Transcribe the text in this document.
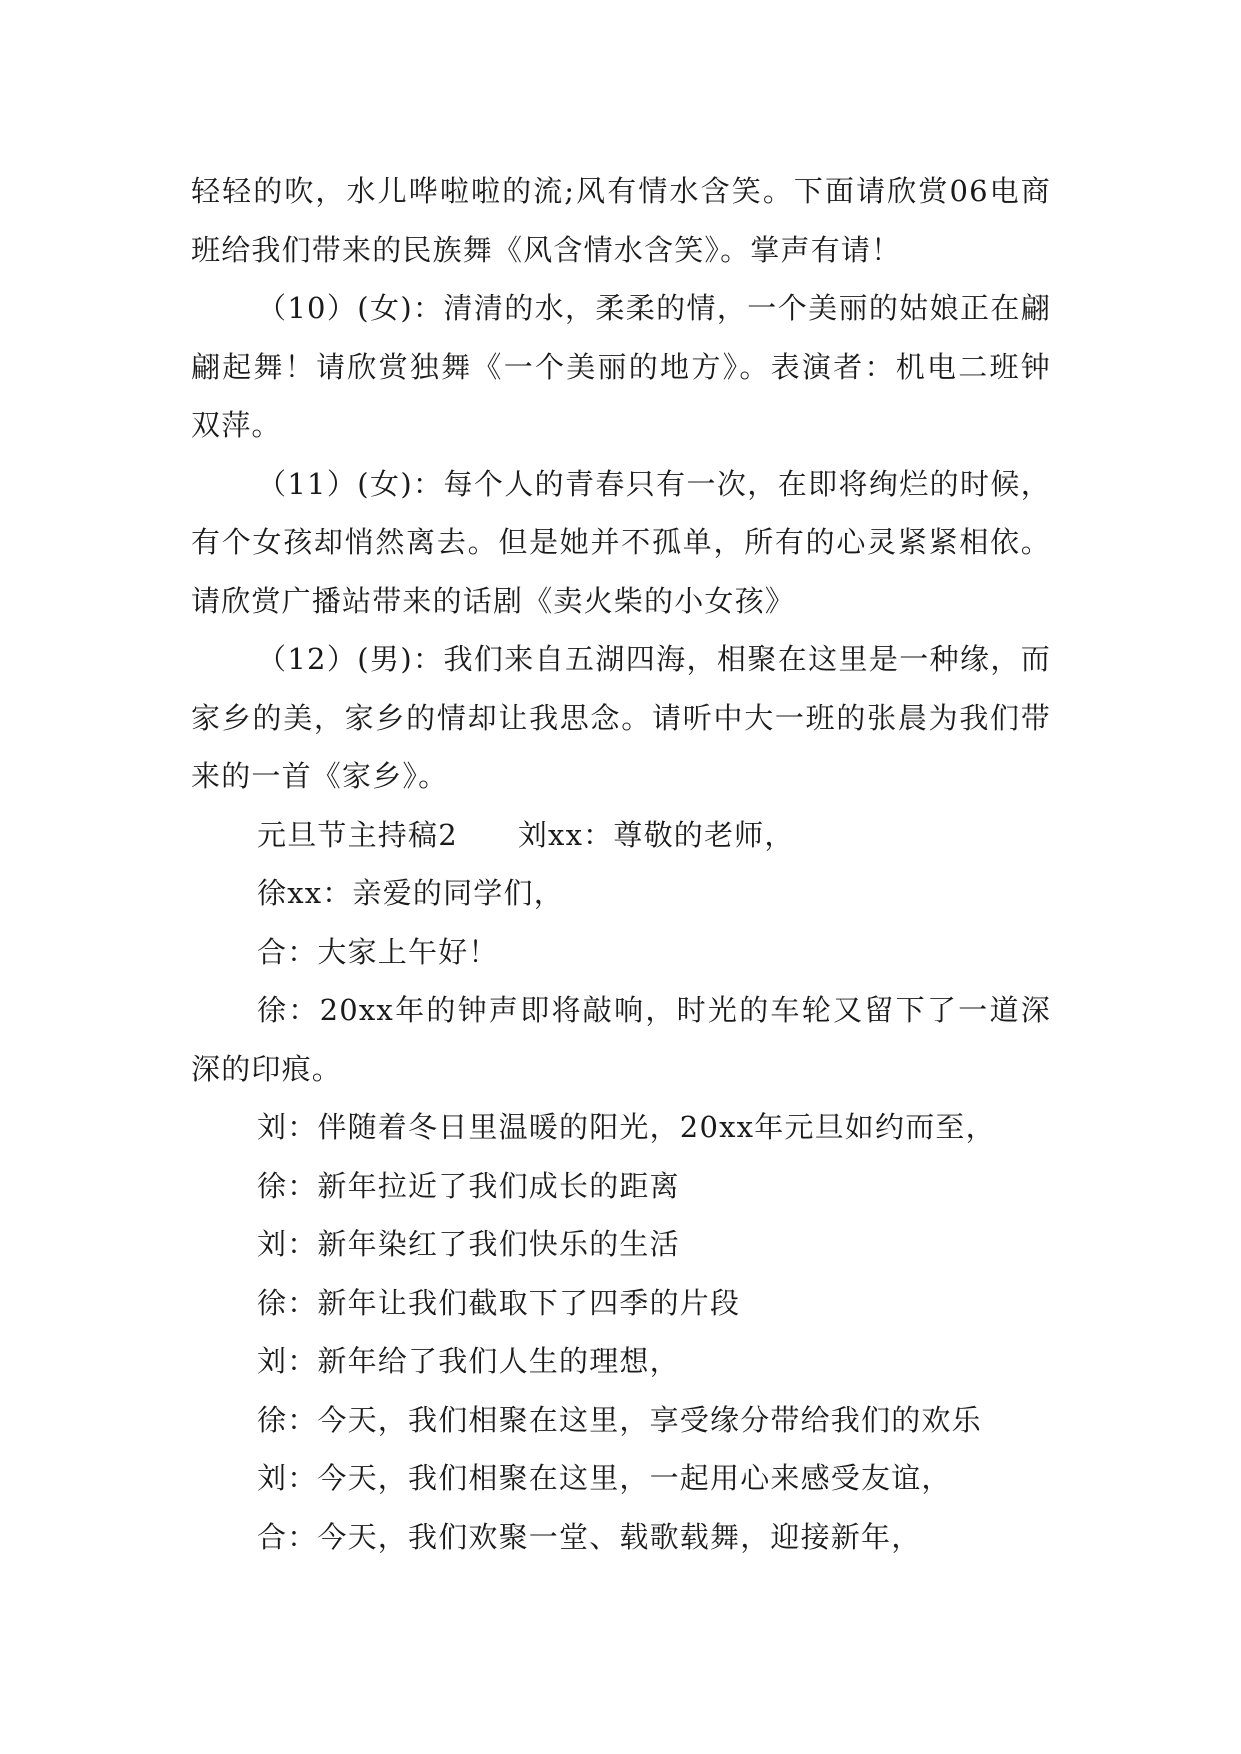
轻轻的吹，水儿哗啦啦的流;风有情水含笑。下面请欣赏06电商班给我们带来的民族舞《风含情水含笑》。掌声有请！

（10）(女)：清清的水，柔柔的情，一个美丽的姑娘正在翩翩起舞！请欣赏独舞《一个美丽的地方》。表演者：机电二班钟双萍。

（11）(女)：每个人的青春只有一次，在即将绚烂的时候，有个女孩却悄然离去。但是她并不孤单，所有的心灵紧紧相依。请欣赏广播站带来的话剧《卖火柴的小女孩》

（12）(男)：我们来自五湖四海，相聚在这里是一种缘，而家乡的美，家乡的情却让我思念。请听中大一班的张晨为我们带来的一首《家乡》。

元旦节主持稿2 刘xx：尊敬的老师，

徐xx：亲爱的同学们，

合：大家上午好！

徐：20xx年的钟声即将敲响，时光的车轮又留下了一道深深的印痕。

刘：伴随着冬日里温暖的阳光，20xx年元旦如约而至，

徐：新年拉近了我们成长的距离

刘：新年染红了我们快乐的生活

徐：新年让我们截取下了四季的片段

刘：新年给了我们人生的理想，

徐：今天，我们相聚在这里，享受缘分带给我们的欢乐

刘：今天，我们相聚在这里，一起用心来感受友谊，

合：今天，我们欢聚一堂、载歌载舞，迎接新年，
